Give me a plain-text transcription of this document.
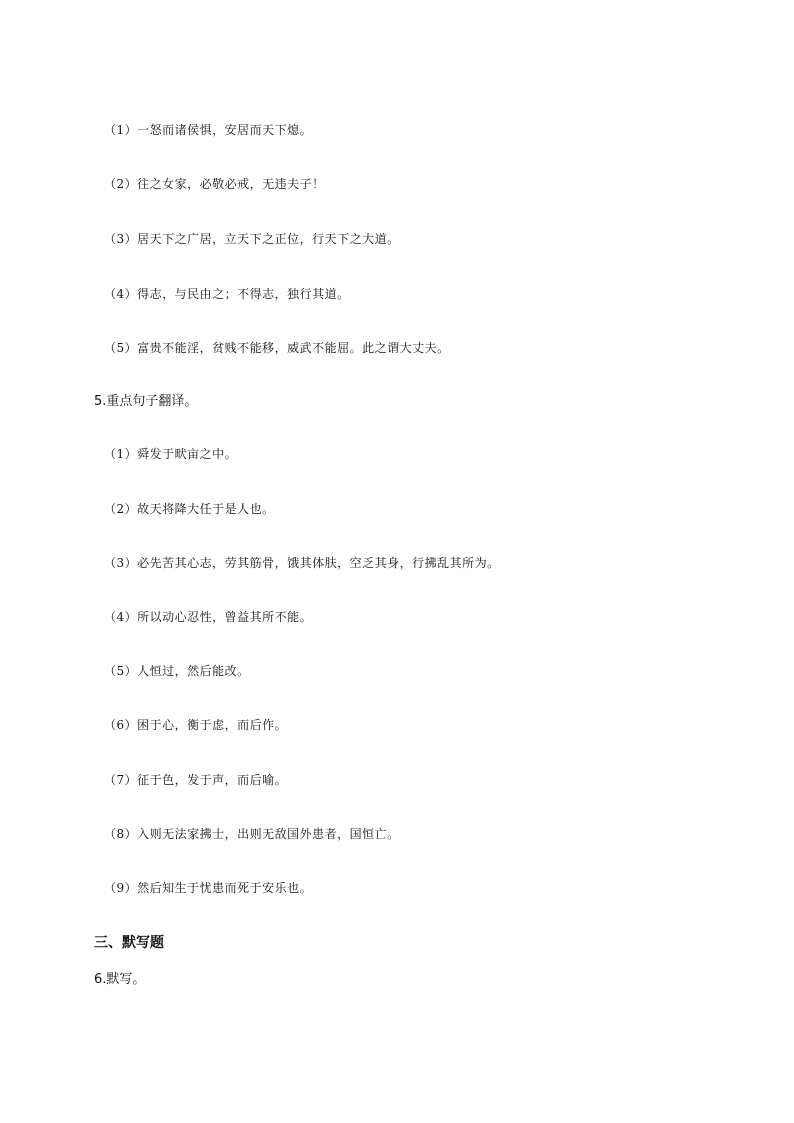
（1）一怒而诸侯惧，安居而天下熄。
（2）往之女家，必敬必戒，无违夫子！
（3）居天下之广居，立天下之正位，行天下之大道。
（4）得志，与民由之；不得志，独行其道。
（5）富贵不能淫，贫贱不能移，威武不能屈。此之谓大丈夫。
5.重点句子翻译。
（1）舜发于畎亩之中。
（2）故天将降大任于是人也。
（3）必先苦其心志，劳其筋骨，饿其体肤，空乏其身，行拂乱其所为。
（4）所以动心忍性，曾益其所不能。
（5）人恒过，然后能改。
（6）困于心，衡于虑，而后作。
（7）征于色，发于声，而后喻。
（8）入则无法家拂士，出则无敌国外患者，国恒亡。
（9）然后知生于忧患而死于安乐也。
三、默写题
6.默写。
